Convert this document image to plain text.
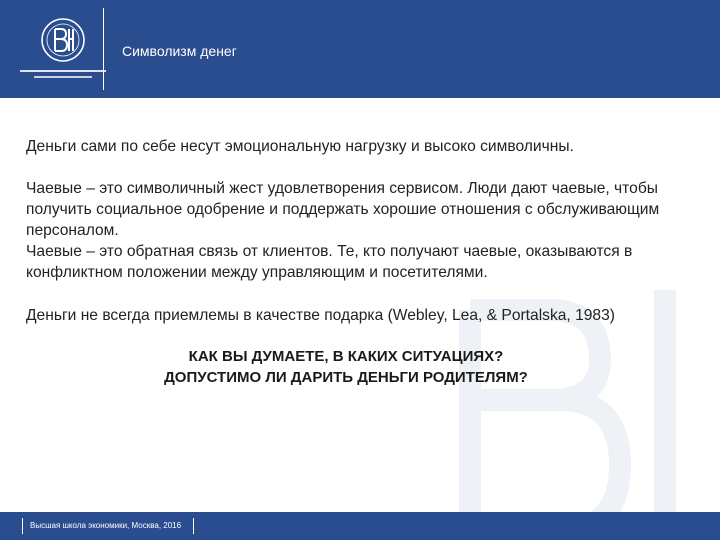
Символизм денег

Деньги сами по себе несут эмоциональную нагрузку и высоко символичны.

Чаевые – это символичный жест удовлетворения сервисом. Люди дают чаевые, чтобы получить социальное одобрение и поддержать хорошие отношения с обслуживающим персоналом.

Чаевые – это обратная связь от клиентов. Те, кто получают чаевые, оказываются в конфликтном положении между управляющим и посетителями.

Деньги не всегда приемлемы в качестве подарка (Webley, Lea, & Portalska, 1983)

КАК ВЫ ДУМАЕТЕ, В КАКИХ СИТУАЦИЯХ?
ДОПУСТИМО ЛИ ДАРИТЬ ДЕНЬГИ РОДИТЕЛЯМ?
Высшая школа экономики, Москва, 2016
